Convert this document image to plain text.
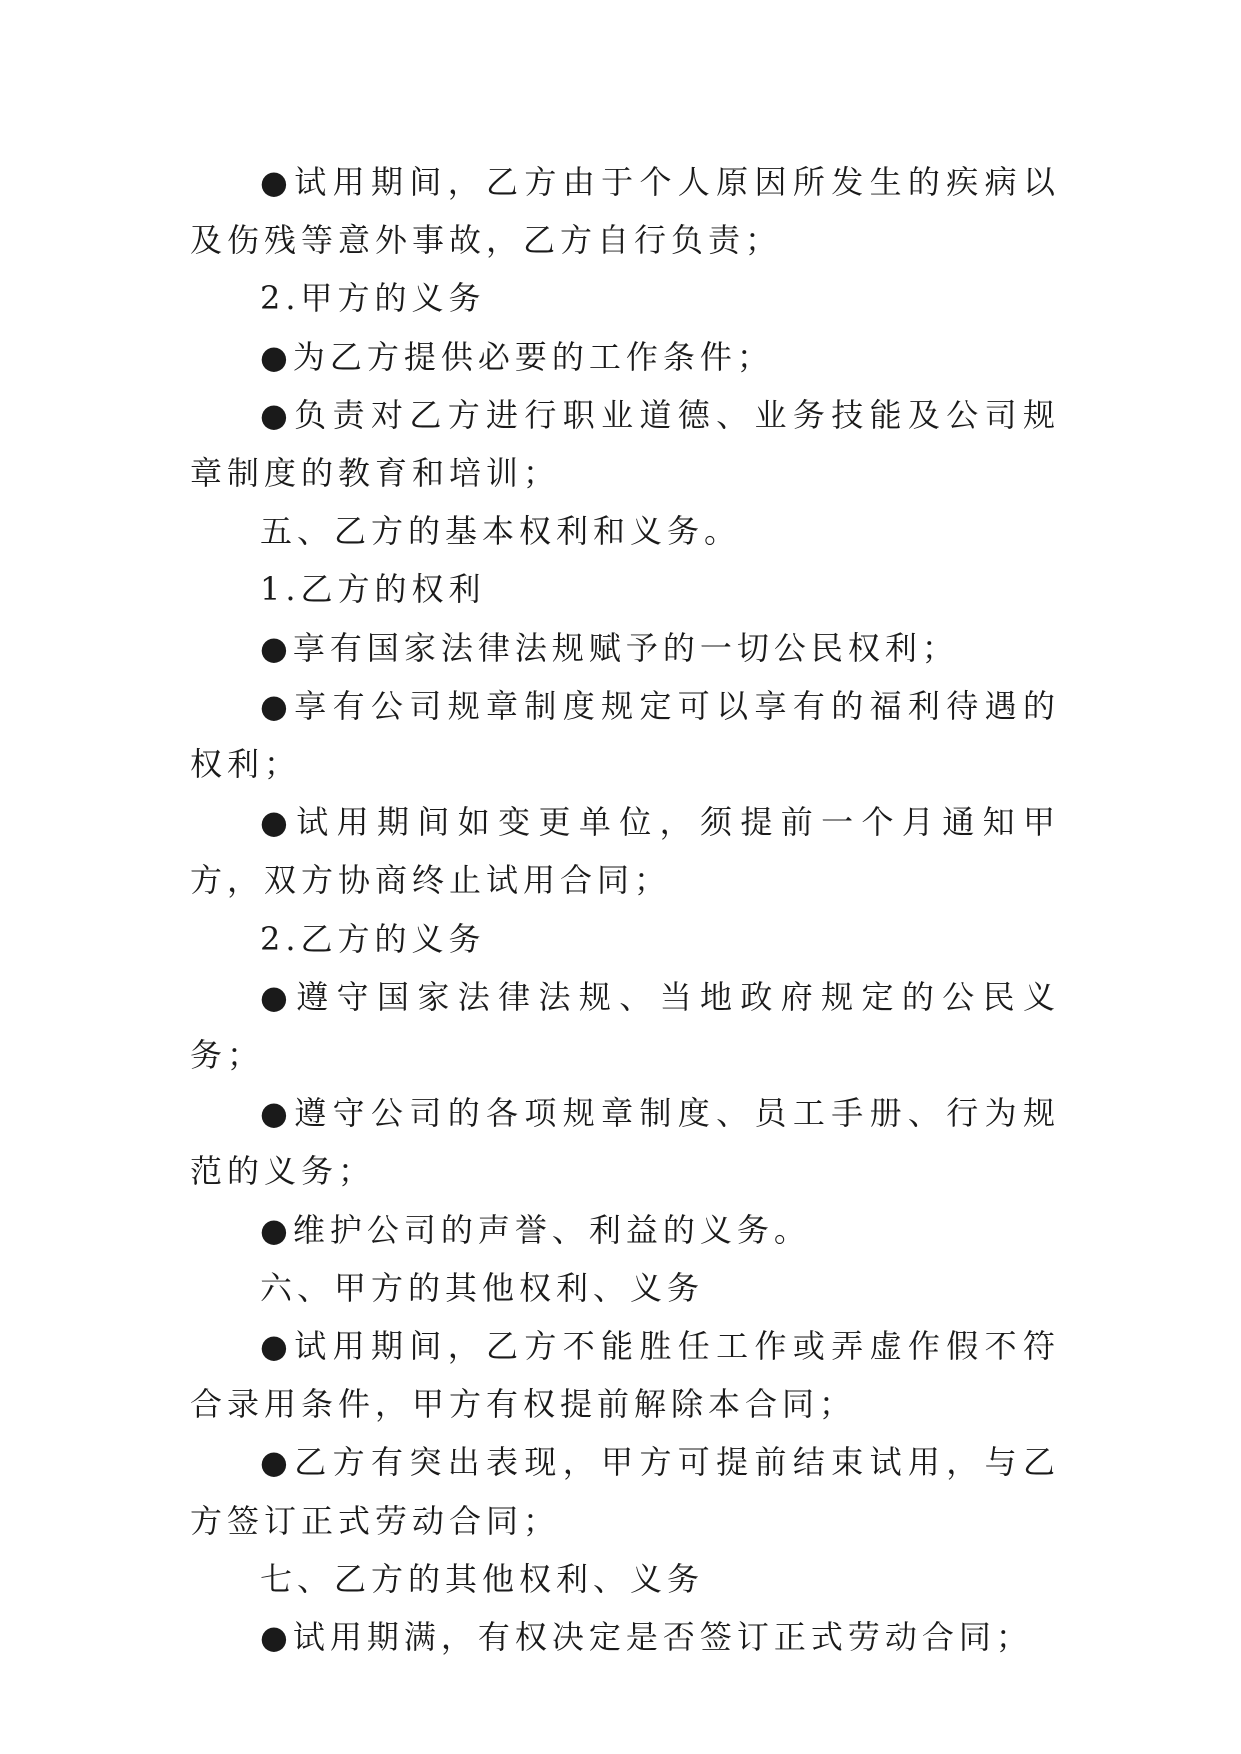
●试用期间，乙方由于个人原因所发生的疾病以及伤残等意外事故，乙方自行负责；

2.甲方的义务

●为乙方提供必要的工作条件；

●负责对乙方进行职业道德、业务技能及公司规章制度的教育和培训；

五、乙方的基本权利和义务。

1.乙方的权利

●享有国家法律法规赋予的一切公民权利；

●享有公司规章制度规定可以享有的福利待遇的权利；

●试用期间如变更单位，须提前一个月通知甲方，双方协商终止试用合同；

2.乙方的义务

●遵守国家法律法规、当地政府规定的公民义务；

●遵守公司的各项规章制度、员工手册、行为规范的义务；

●维护公司的声誉、利益的义务。

六、甲方的其他权利、义务

●试用期间，乙方不能胜任工作或弄虚作假不符合录用条件，甲方有权提前解除本合同；

●乙方有突出表现，甲方可提前结束试用，与乙方签订正式劳动合同；

七、乙方的其他权利、义务

●试用期满，有权决定是否签订正式劳动合同；
